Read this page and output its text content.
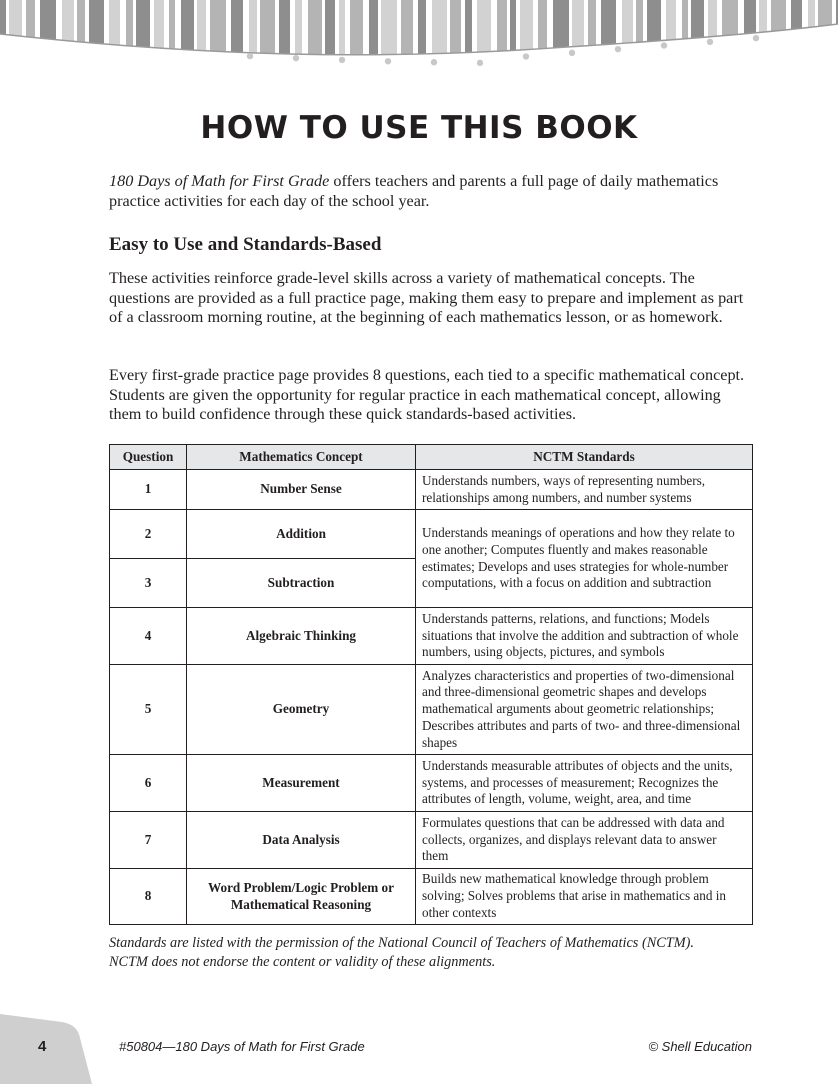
HOW TO USE THIS BOOK

180 Days of Math for First Grade offers teachers and parents a full page of daily mathematics practice activities for each day of the school year.

Easy to Use and Standards-Based

These activities reinforce grade-level skills across a variety of mathematical concepts. The questions are provided as a full practice page, making them easy to prepare and implement as part of a classroom morning routine, at the beginning of each mathematics lesson, or as homework.

Every first-grade practice page provides 8 questions, each tied to a specific mathematical concept. Students are given the opportunity for regular practice in each mathematical concept, allowing them to build confidence through these quick standards-based activities.

Question	Mathematics Concept	NCTM Standards
1	Number Sense	Understands numbers, ways of representing numbers, relationships among numbers, and number systems
2	Addition	Understands meanings of operations and how they relate to one another; Computes fluently and makes reasonable estimates; Develops and uses strategies for whole-number computations, with a focus on addition and subtraction
3	Subtraction	
4	Algebraic Thinking	Understands patterns, relations, and functions; Models situations that involve the addition and subtraction of whole numbers, using objects, pictures, and symbols
5	Geometry	Analyzes characteristics and properties of two-dimensional and three-dimensional geometric shapes and develops mathematical arguments about geometric relationships; Describes attributes and parts of two- and three-dimensional shapes
6	Measurement	Understands measurable attributes of objects and the units, systems, and processes of measurement; Recognizes the attributes of length, volume, weight, area, and time
7	Data Analysis	Formulates questions that can be addressed with data and collects, organizes, and displays relevant data to answer them
8	Word Problem/Logic Problem or Mathematical Reasoning	Builds new mathematical knowledge through problem solving; Solves problems that arise in mathematics and in other contexts
Standards are listed with the permission of the National Council of Teachers of Mathematics (NCTM).
NCTM does not endorse the content or validity of these alignments.
4	#50804—180 Days of Math for First Grade	© Shell Education
